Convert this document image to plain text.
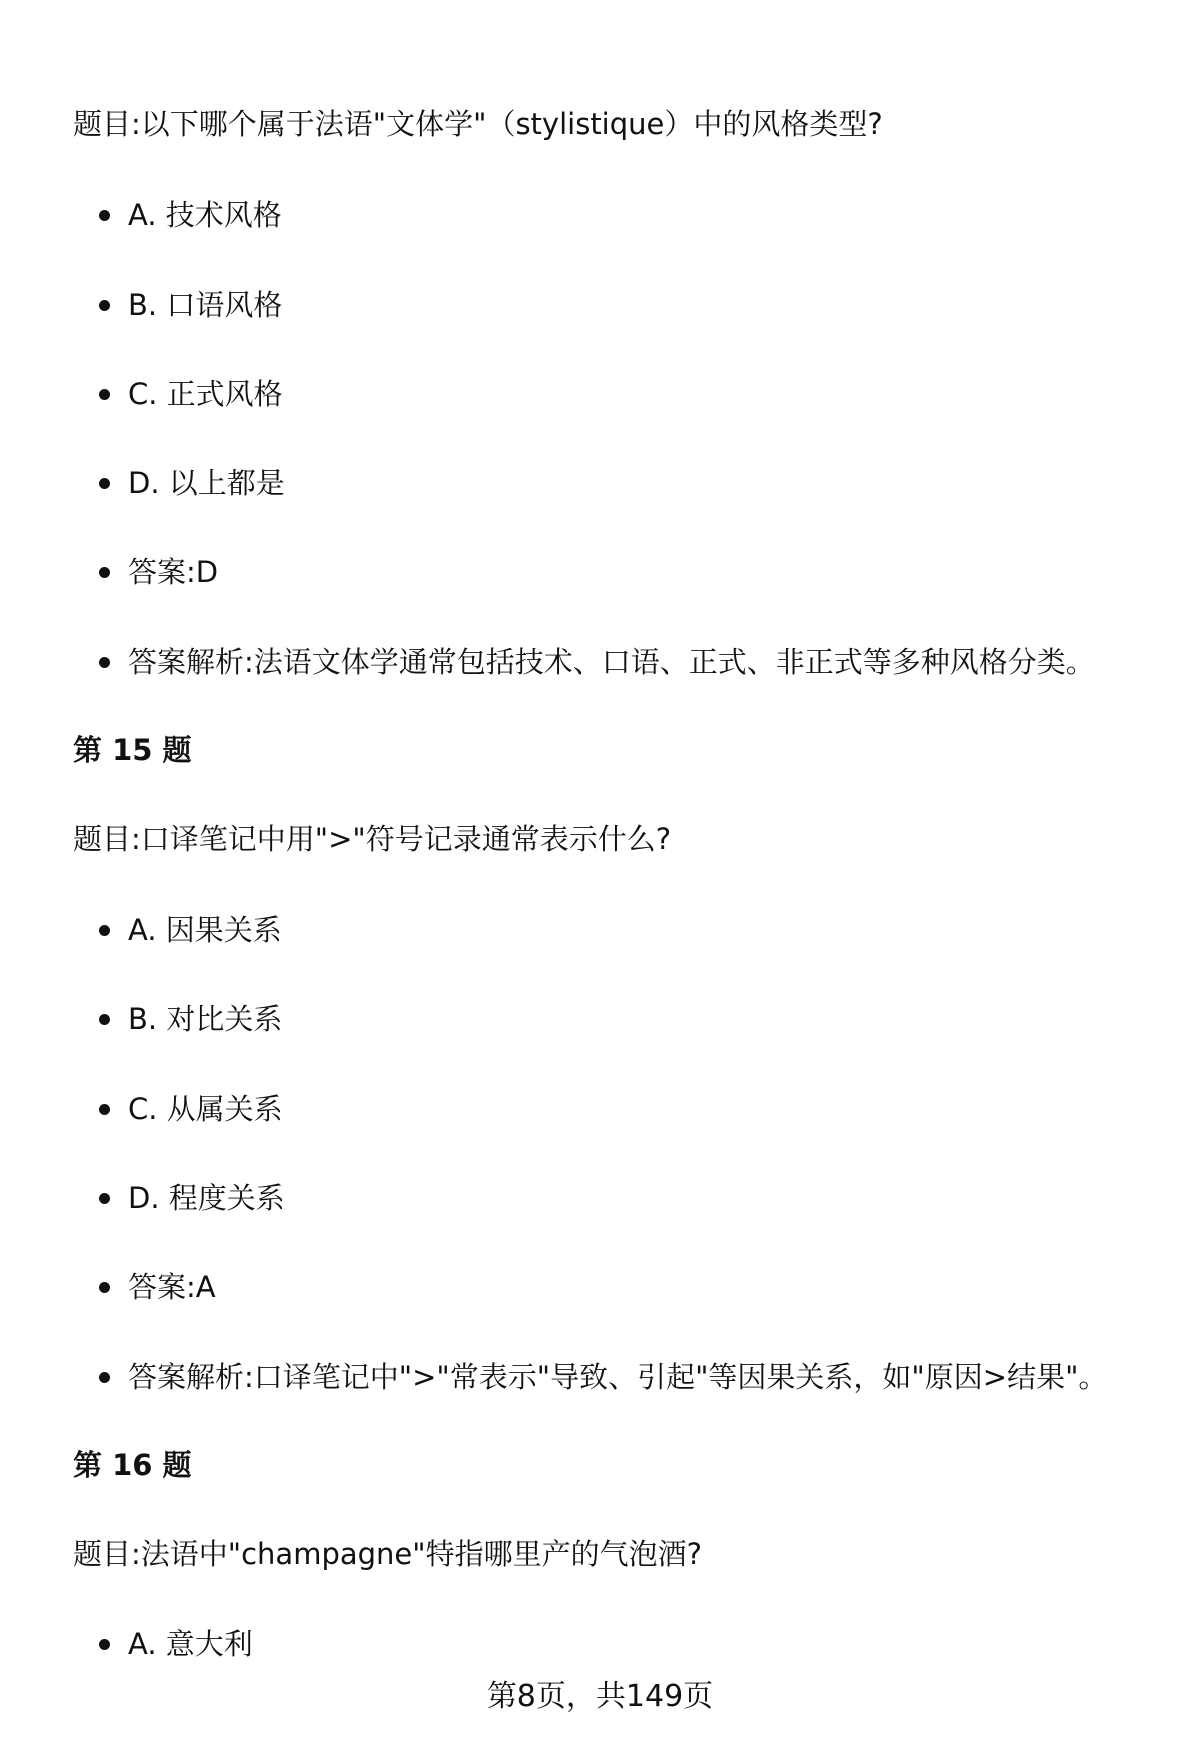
题目:以下哪个属于法语"文体学"（stylistique）中的风格类型?
A. 技术风格
B. 口语风格
C. 正式风格
D. 以上都是
答案:D
答案解析:法语文体学通常包括技术、口语、正式、非正式等多种风格分类。
第 15 题
题目:口译笔记中用">"符号记录通常表示什么?
A. 因果关系
B. 对比关系
C. 从属关系
D. 程度关系
答案:A
答案解析:口译笔记中">"常表示"导致、引起"等因果关系，如"原因>结果"。
第 16 题
题目:法语中"champagne"特指哪里产的气泡酒?
A. 意大利
第8页，共149页
